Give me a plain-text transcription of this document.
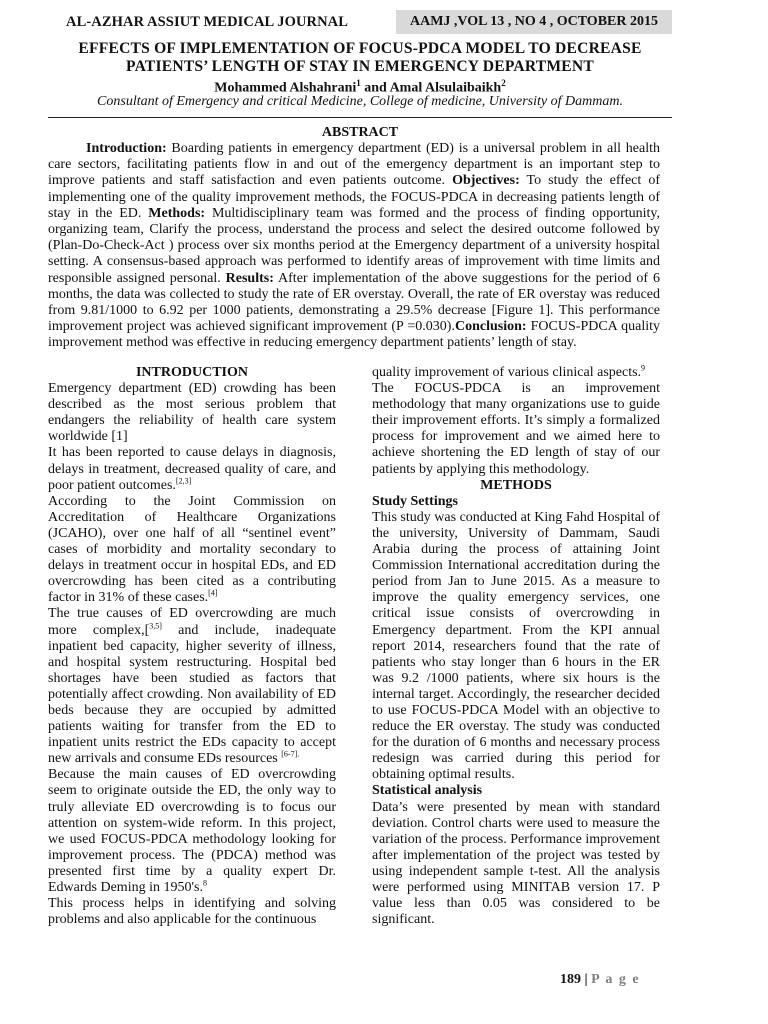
AL-AZHAR ASSIUT MEDICAL JOURNAL	AAMJ ,VOL 13 , NO 4 , OCTOBER 2015
EFFECTS OF IMPLEMENTATION OF FOCUS-PDCA MODEL TO DECREASE
PATIENTS’ LENGTH OF STAY IN EMERGENCY DEPARTMENT
Mohammed Alshahrani$^1$ and Amal Alsulaibaikh$^2$
Consultant of Emergency and critical Medicine, College of medicine, University of Dammam.
ABSTRACT
Introduction: Boarding patients in emergency department (ED) is a universal problem in all health care sectors, facilitating patients flow in and out of the emergency department is an important step to improve patients and staff satisfaction and even patients outcome. Objectives: To study the effect of implementing one of the quality improvement methods, the FOCUS-PDCA in decreasing patients length of stay in the ED. Methods: Multidisciplinary team was formed and the process of finding opportunity, organizing team, Clarify the process, understand the process and select the desired outcome followed by (Plan-Do-Check-Act ) process over six months period at the Emergency department of a university hospital setting. A consensus-based approach was performed to identify areas of improvement with time limits and responsible assigned personal. Results: After implementation of the above suggestions for the period of 6 months, the data was collected to study the rate of ER overstay. Overall, the rate of ER overstay was reduced from 9.81/1000 to 6.92 per 1000 patients, demonstrating a 29.5% decrease [Figure 1]. This performance improvement project was achieved significant improvement (P =0.030).Conclusion: FOCUS-PDCA quality improvement method was effective in reducing emergency department patients’ length of stay.

INTRODUCTION

Emergency department (ED) crowding has been described as the most serious problem that endangers the reliability of health care system worldwide [1]

It has been reported to cause delays in diagnosis, delays in treatment, decreased quality of care, and poor patient outcomes.[2,3]

According to the Joint Commission on Accreditation of Healthcare Organizations (JCAHO), over one half of all “sentinel event” cases of morbidity and mortality secondary to delays in treatment occur in hospital EDs, and ED overcrowding has been cited as a contributing factor in 31% of these cases.[4]

The true causes of ED overcrowding are much more complex,[$^{3,5]}$ and include, inadequate inpatient bed capacity, higher severity of illness, and hospital system restructuring. Hospital bed shortages have been studied as factors that potentially affect crowding. Non availability of ED beds because they are occupied by admitted patients waiting for transfer from the ED to inpatient units restrict the EDs capacity to accept new arrivals and consume EDs resources $^{[6-7].}$

Because the main causes of ED overcrowding seem to originate outside the ED, the only way to truly alleviate ED overcrowding is to focus our attention on system-wide reform. In this project, we used FOCUS-PDCA methodology looking for improvement process. The (PDCA) method was presented first time by a quality expert Dr. Edwards Deming in 1950's.$^8$

This process helps in identifying and solving problems and also applicable for the continuous

quality improvement of various clinical aspects.$^9$

The FOCUS-PDCA is an improvement methodology that many organizations use to guide their improvement efforts. It’s simply a formalized process for improvement and we aimed here to achieve shortening the ED length of stay of our patients by applying this methodology.

METHODS

Study Settings

This study was conducted at King Fahd Hospital of the university, University of Dammam, Saudi Arabia during the process of attaining Joint Commission International accreditation during the period from Jan to June 2015. As a measure to improve the quality emergency services, one critical issue consists of overcrowding in Emergency department. From the KPI annual report 2014, researchers found that the rate of patients who stay longer than 6 hours in the ER was 9.2 /1000 patients, where six hours is the internal target. Accordingly, the researcher decided to use FOCUS-PDCA Model with an objective to reduce the ER overstay. The study was conducted for the duration of 6 months and necessary process redesign was carried during this period for obtaining optimal results.

Statistical analysis

Data’s were presented by mean with standard deviation. Control charts were used to measure the variation of the process. Performance improvement after implementation of the project was tested by using independent sample t-test. All the analysis were performed using MINITAB version 17. P value less than 0.05 was considered to be significant.

189 | P a g e
